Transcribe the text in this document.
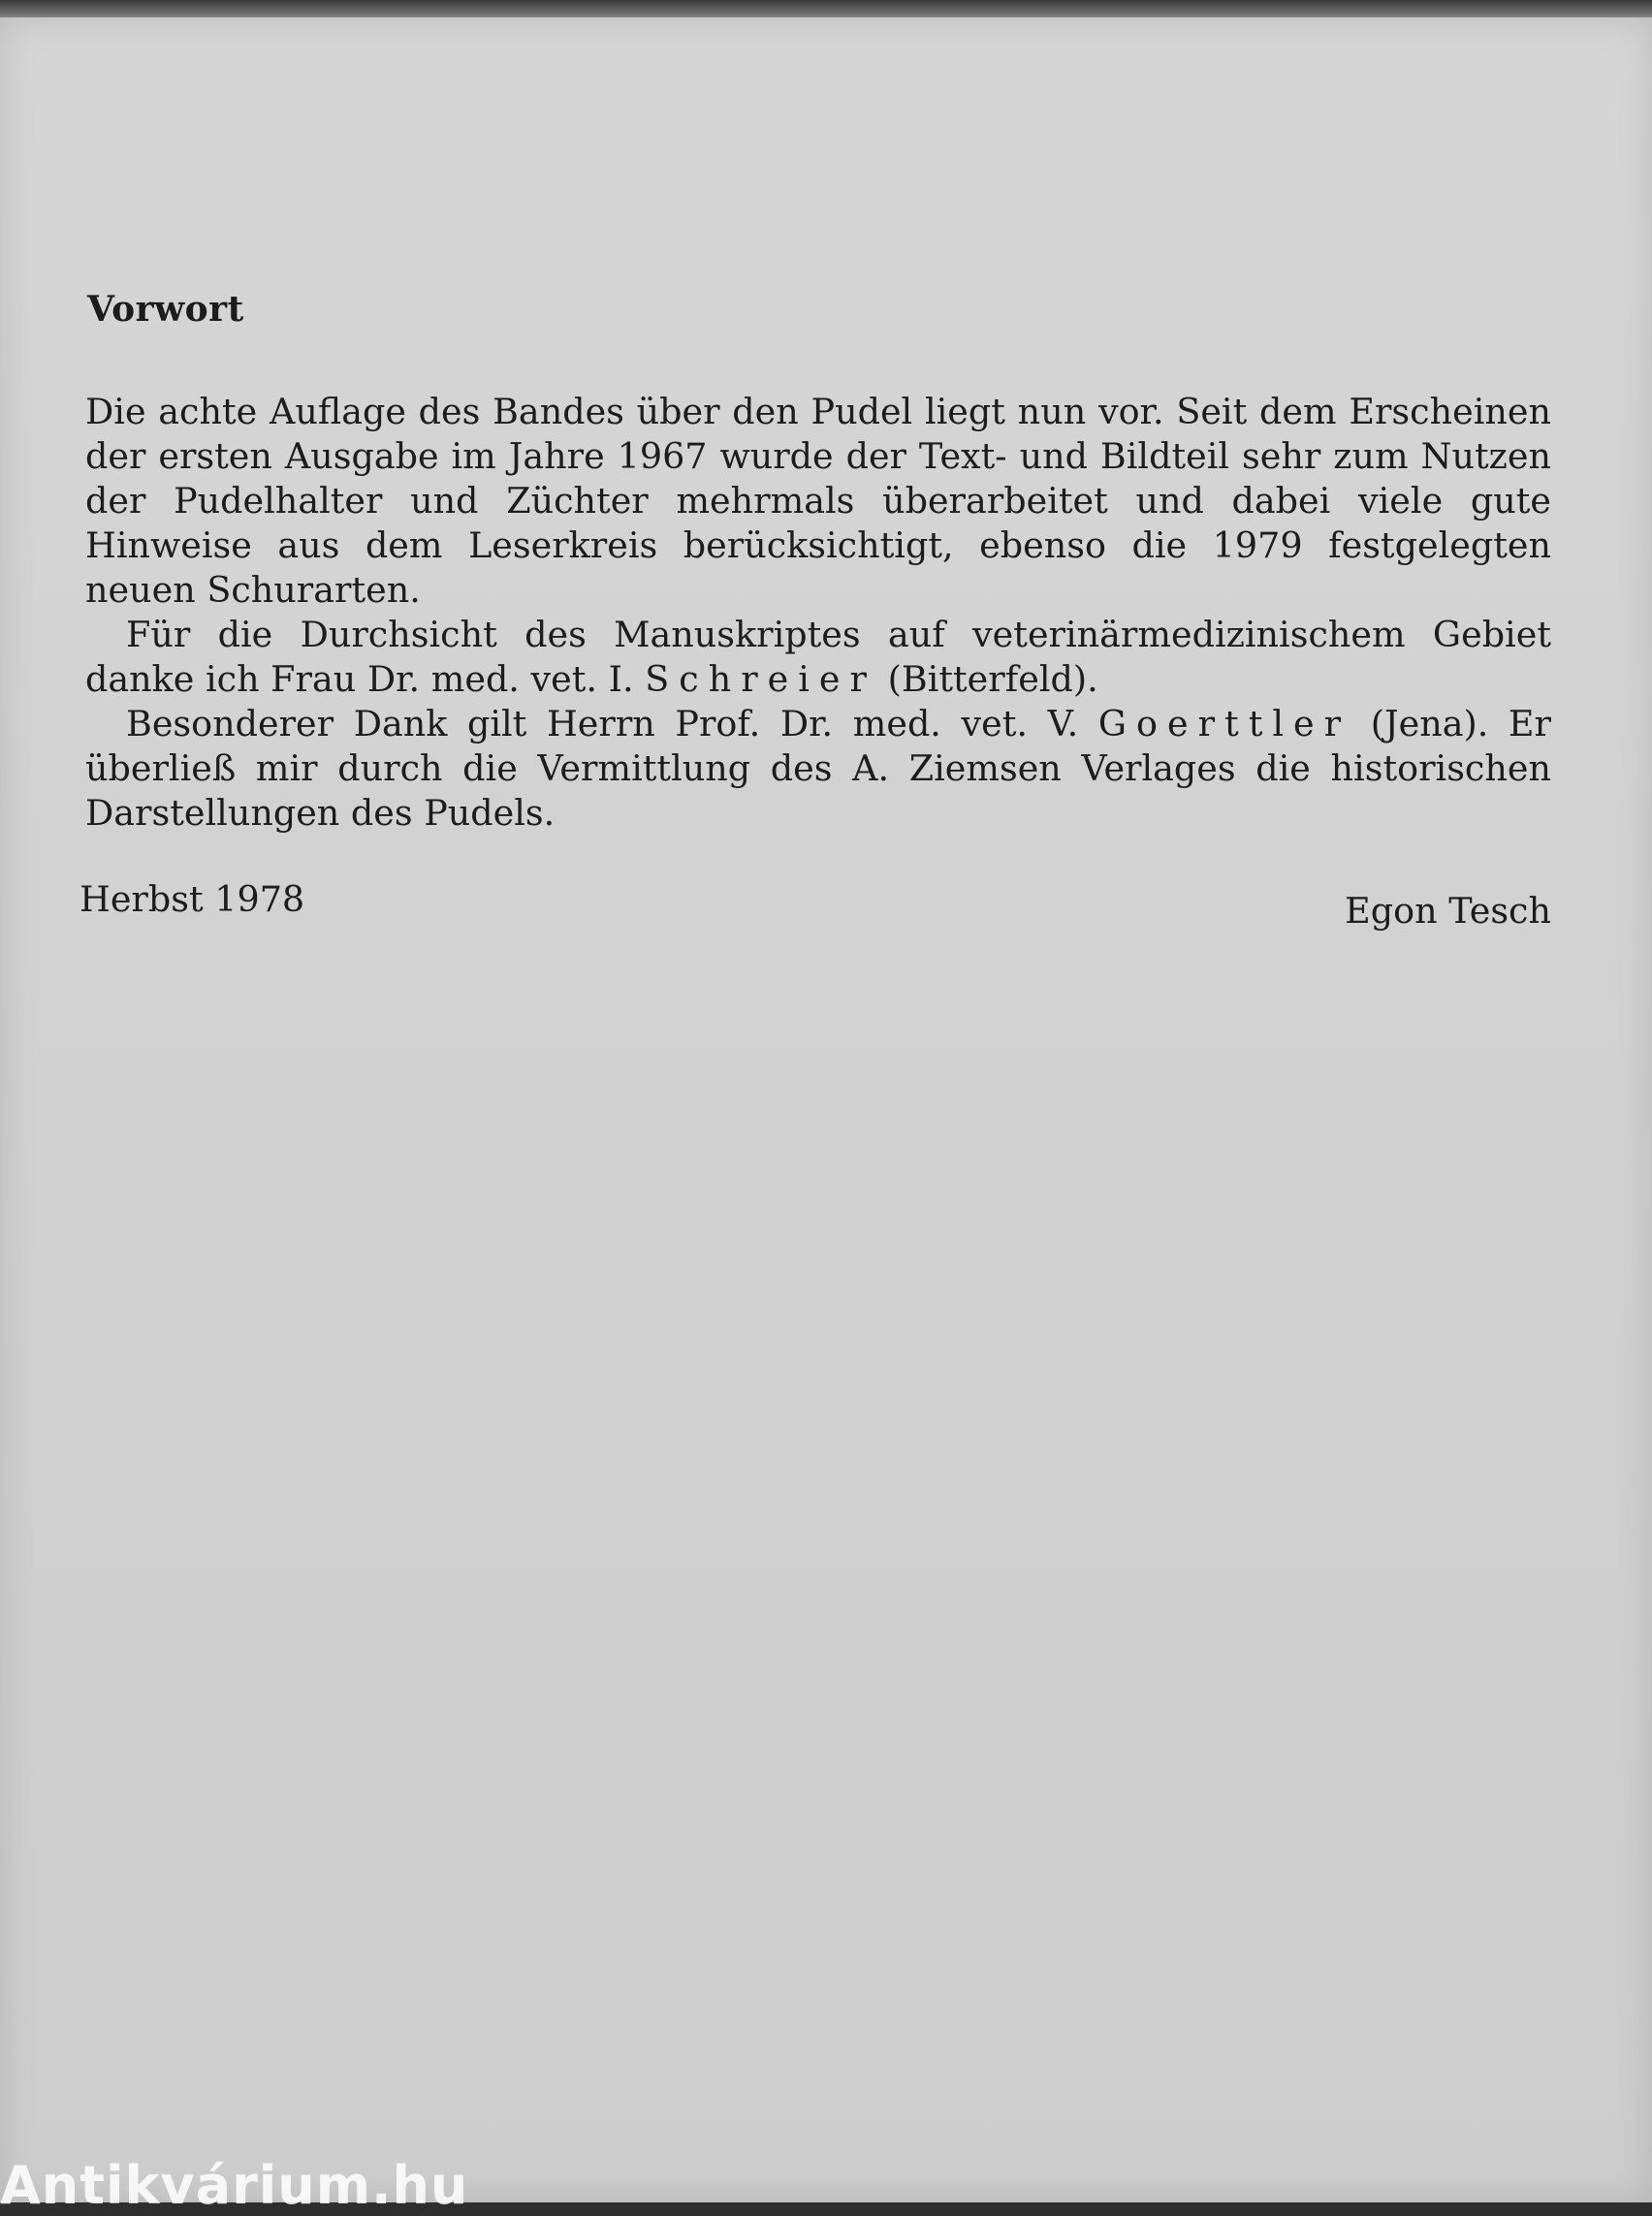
Vorwort

Die achte Auflage des Bandes über den Pudel liegt nun vor. Seit dem Erscheinen der ersten Ausgabe im Jahre 1967 wurde der Text- und Bildteil sehr zum Nutzen der Pudelhalter und Züchter mehrmals überarbeitet und dabei viele gute Hinweise aus dem Leserkreis berücksichtigt, ebenso die 1979 festgelegten neuen Schurarten.

Für die Durchsicht des Manuskriptes auf veterinärmedizinischem Gebiet danke ich Frau Dr. med. vet. I. Schreier (Bitterfeld).

Besonderer Dank gilt Herrn Prof. Dr. med. vet. V. Goerttler (Jena). Er überließ mir durch die Vermittlung des A. Ziemsen Verlages die historischen Darstellungen des Pudels.

Herbst 1978	Egon Tesch
Antikvárium.hu
